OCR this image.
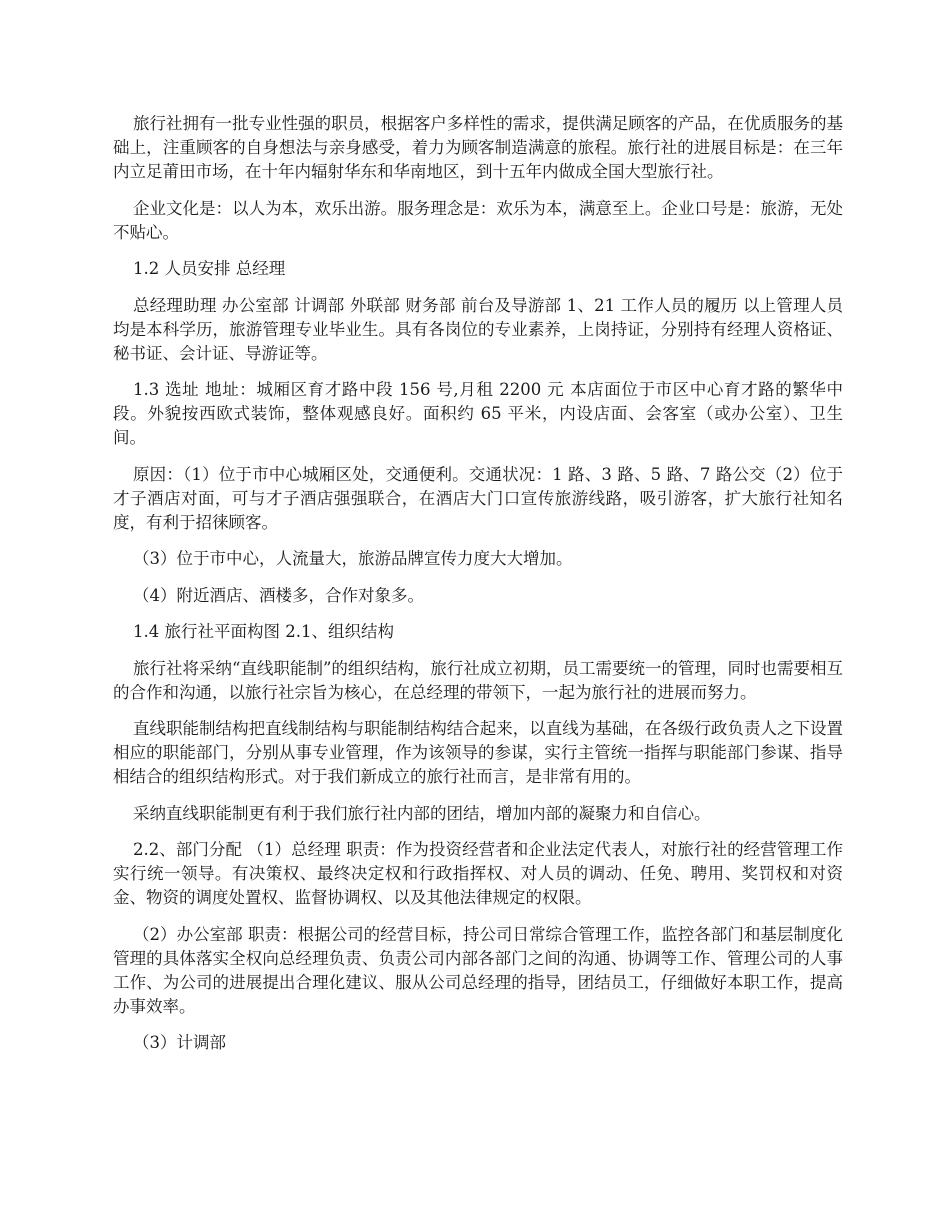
旅行社拥有一批专业性强的职员，根据客户多样性的需求，提供满足顾客的产品，在优质服务的基础上，注重顾客的自身想法与亲身感受，着力为顾客制造满意的旅程。旅行社的进展目标是：在三年内立足莆田市场，在十年内辐射华东和华南地区，到十五年内做成全国大型旅行社。

企业文化是：以人为本，欢乐出游。服务理念是：欢乐为本，满意至上。企业口号是：旅游，无处不贴心。

1.2 人员安排 总经理

总经理助理 办公室部 计调部 外联部 财务部 前台及导游部 1、21 工作人员的履历 以上管理人员均是本科学历，旅游管理专业毕业生。具有各岗位的专业素养，上岗持证，分别持有经理人资格证、秘书证、会计证、导游证等。

1.3 选址 地址：城厢区育才路中段 156 号,月租 2200 元 本店面位于市区中心育才路的繁华中段。外貌按西欧式装饰，整体观感良好。面积约 65 平米，内设店面、会客室（或办公室）、卫生间。

原因：（1）位于市中心城厢区处，交通便利。交通状况：1 路、3 路、5 路、7 路公交（2）位于才子酒店对面，可与才子酒店强强联合，在酒店大门口宣传旅游线路，吸引游客，扩大旅行社知名度，有利于招徕顾客。

（3）位于市中心，人流量大，旅游品牌宣传力度大大增加。

（4）附近酒店、酒楼多，合作对象多。

1.4 旅行社平面构图 2.1、组织结构

旅行社将采纳“直线职能制”的组织结构，旅行社成立初期，员工需要统一的管理，同时也需要相互的合作和沟通，以旅行社宗旨为核心，在总经理的带领下，一起为旅行社的进展而努力。

直线职能制结构把直线制结构与职能制结构结合起来，以直线为基础，在各级行政负责人之下设置相应的职能部门，分别从事专业管理，作为该领导的参谋，实行主管统一指挥与职能部门参谋、指导相结合的组织结构形式。对于我们新成立的旅行社而言，是非常有用的。

采纳直线职能制更有利于我们旅行社内部的团结，增加内部的凝聚力和自信心。

2.2、部门分配 （1）总经理 职责：作为投资经营者和企业法定代表人，对旅行社的经营管理工作实行统一领导。有决策权、最终决定权和行政指挥权、对人员的调动、任免、聘用、奖罚权和对资金、物资的调度处置权、监督协调权、以及其他法律规定的权限。

（2）办公室部 职责：根据公司的经营目标，持公司日常综合管理工作，监控各部门和基层制度化管理的具体落实全权向总经理负责、负责公司内部各部门之间的沟通、协调等工作、管理公司的人事工作、为公司的进展提出合理化建议、服从公司总经理的指导，团结员工，仔细做好本职工作，提高办事效率。

（3）计调部
